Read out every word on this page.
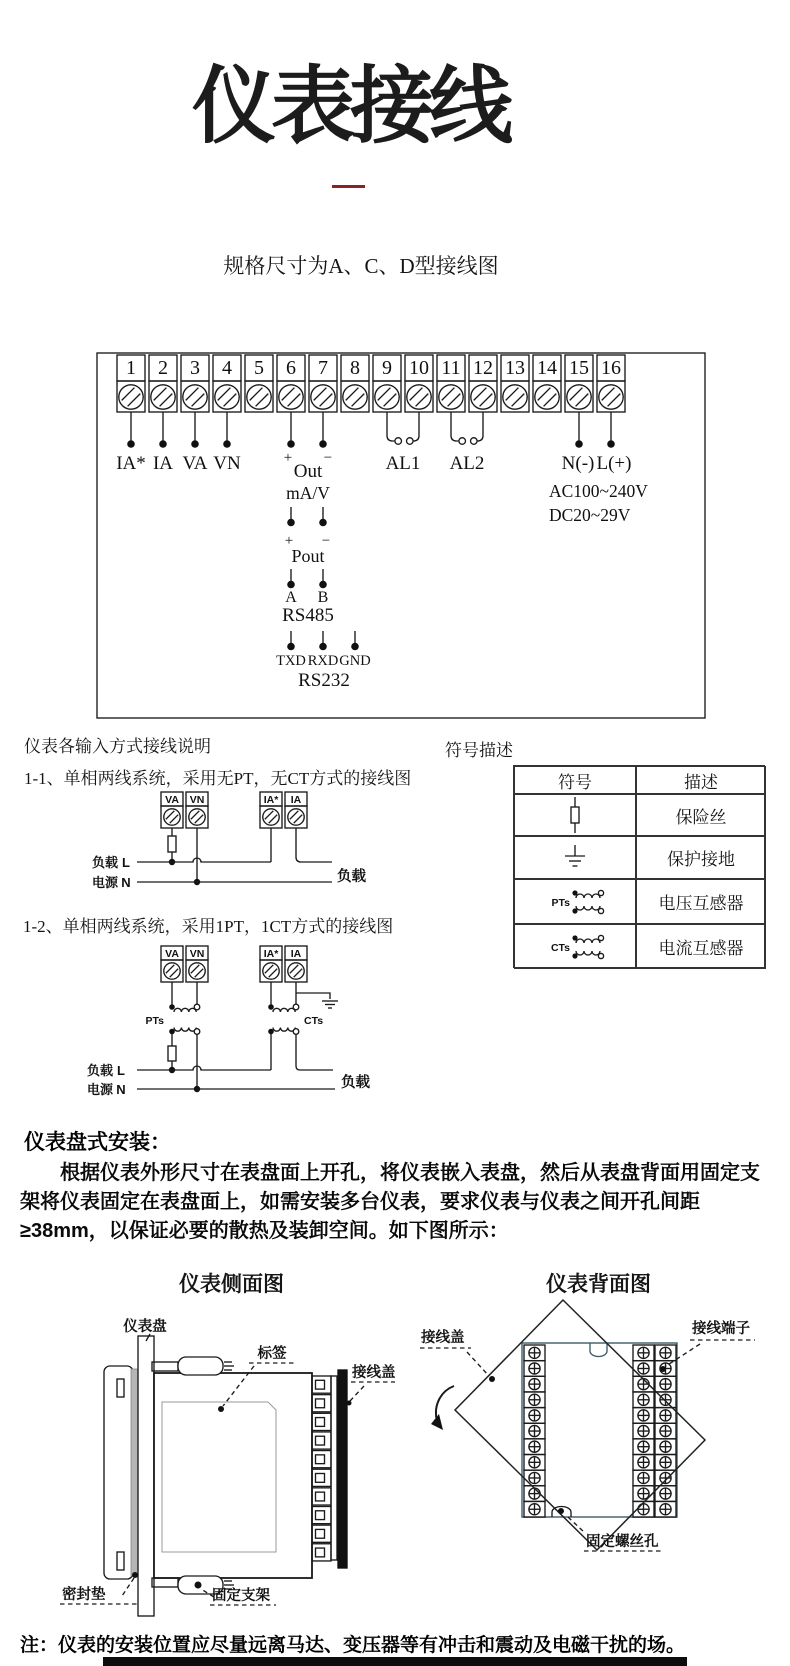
仪表接线
规格尺寸为A、C、D型接线图
1 2 3 4 5 6 7 8 9 10 11 12 13 14 15 16
IA* IA VA VN	+ −
Out
mA/V
+ −
Pout
A B
RS485
TXD RXD GND
RS232
AL1 AL2	N(-) L(+)
AC100~240V
DC20~29V
仪表各输入方式接线说明
1-1、单相两线系统，采用无PT，无CT方式的接线图
VA VN	IA* IA
负载 L
电源 N	负载
1-2、单相两线系统，采用1PT，1CT方式的接线图
VA VN	IA* IA
PTs	CTs
负载 L
电源 N	负载
符号描述
符号	描述
保险丝
保护接地
PTs	电压互感器
CTs	电流互感器
仪表盘式安装：
根据仪表外形尺寸在表盘面上开孔，将仪表嵌入表盘，然后从表盘背面用固定支架将仪表固定在表盘面上，如需安装多台仪表，要求仪表与仪表之间开孔间距≥38mm，以保证必要的散热及装卸空间。如下图所示：
仪表侧面图	仪表背面图
仪表盘
标签
接线盖
密封垫	固定支架
接线盖
接线端子
固定螺丝孔
注：仪表的安装位置应尽量远离马达、变压器等有冲击和震动及电磁干扰的场。
